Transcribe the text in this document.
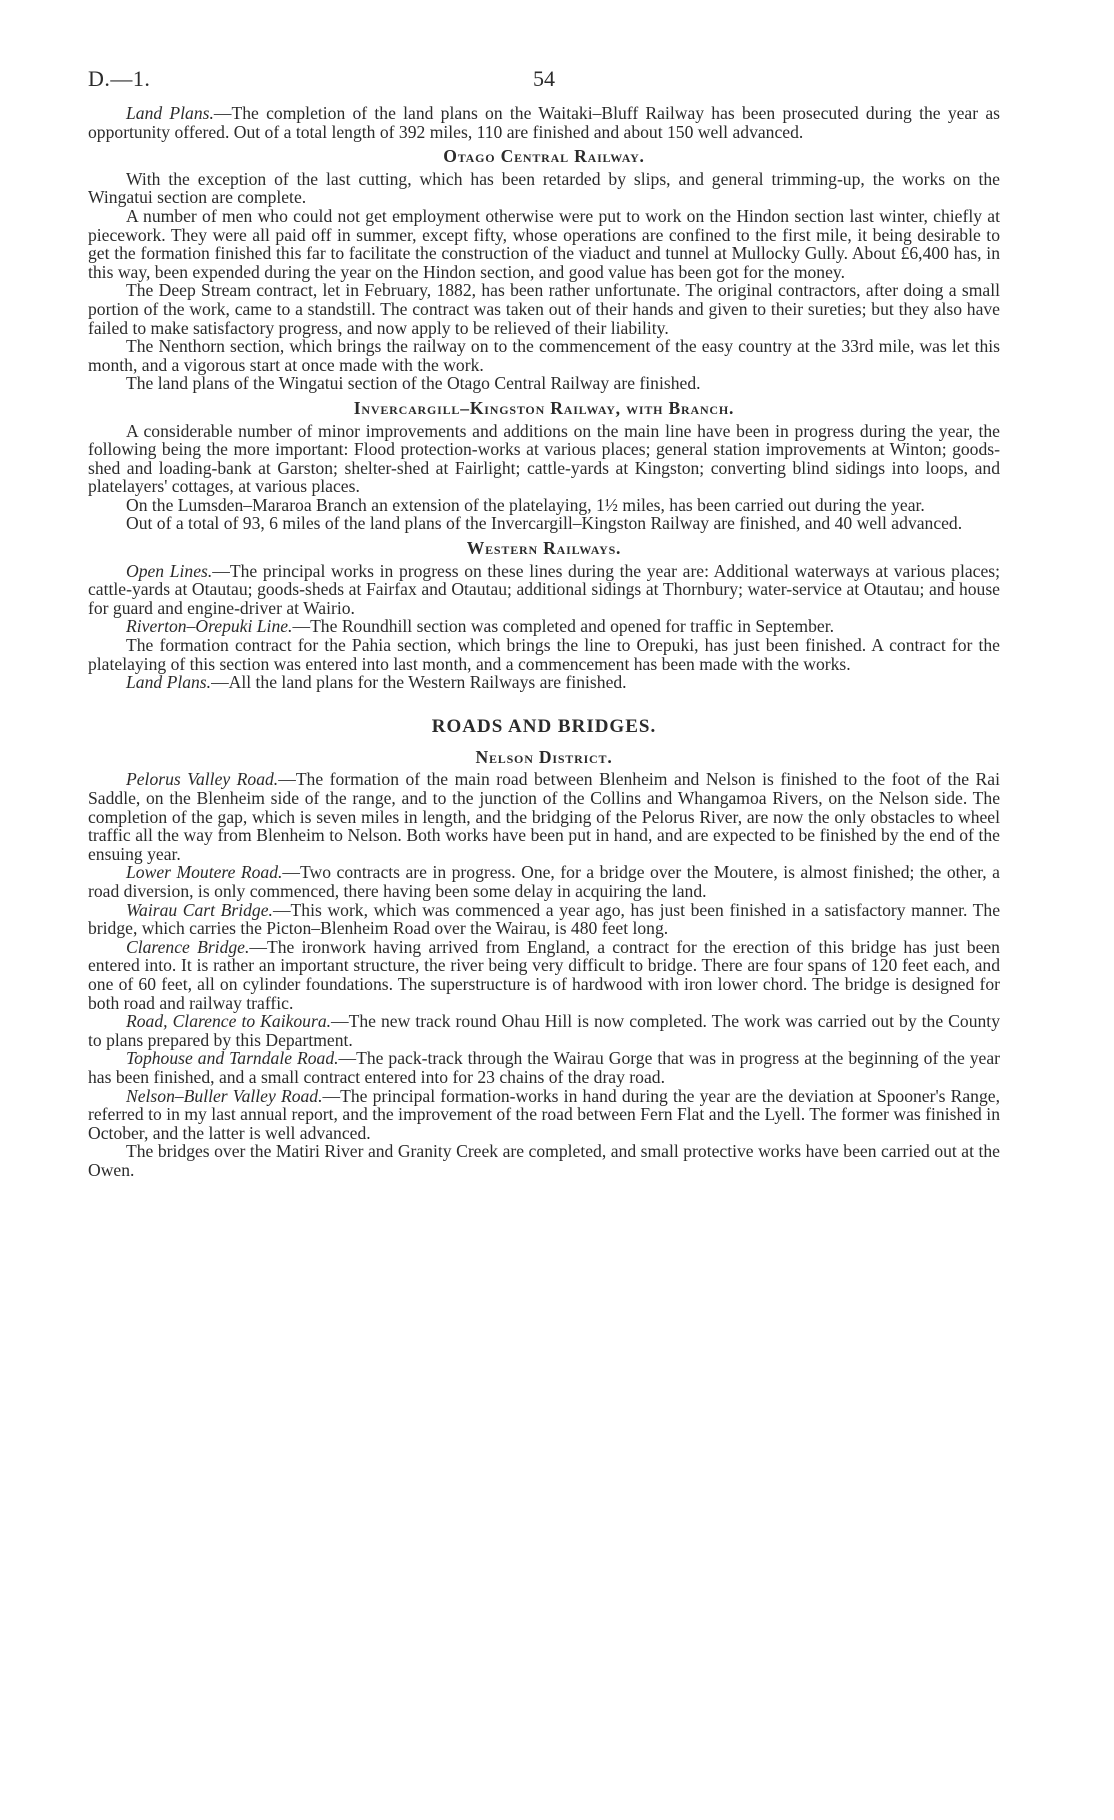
D.—1.	54

Land Plans.—The completion of the land plans on the Waitaki–Bluff Railway has been prosecuted during the year as opportunity offered. Out of a total length of 392 miles, 110 are finished and about 150 well advanced.

Otago Central Railway.

With the exception of the last cutting, which has been retarded by slips, and general trimming-up, the works on the Wingatui section are complete.

A number of men who could not get employment otherwise were put to work on the Hindon section last winter, chiefly at piecework. They were all paid off in summer, except fifty, whose operations are confined to the first mile, it being desirable to get the formation finished this far to facilitate the construction of the viaduct and tunnel at Mullocky Gully. About £6,400 has, in this way, been expended during the year on the Hindon section, and good value has been got for the money.

The Deep Stream contract, let in February, 1882, has been rather unfortunate. The original contractors, after doing a small portion of the work, came to a standstill. The contract was taken out of their hands and given to their sureties; but they also have failed to make satisfactory progress, and now apply to be relieved of their liability.

The Nenthorn section, which brings the railway on to the commencement of the easy country at the 33rd mile, was let this month, and a vigorous start at once made with the work.

The land plans of the Wingatui section of the Otago Central Railway are finished.

Invercargill–Kingston Railway, with Branch.

A considerable number of minor improvements and additions on the main line have been in progress during the year, the following being the more important: Flood protection-works at various places; general station improvements at Winton; goods-shed and loading-bank at Garston; shelter-shed at Fairlight; cattle-yards at Kingston; converting blind sidings into loops, and platelayers' cottages, at various places.

On the Lumsden–Mararoa Branch an extension of the platelaying, 1½ miles, has been carried out during the year.

Out of a total of 93, 6 miles of the land plans of the Invercargill–Kingston Railway are finished, and 40 well advanced.

Western Railways.

Open Lines.—The principal works in progress on these lines during the year are: Additional waterways at various places; cattle-yards at Otautau; goods-sheds at Fairfax and Otautau; additional sidings at Thornbury; water-service at Otautau; and house for guard and engine-driver at Wairio.

Riverton–Orepuki Line.—The Roundhill section was completed and opened for traffic in September.

The formation contract for the Pahia section, which brings the line to Orepuki, has just been finished. A contract for the platelaying of this section was entered into last month, and a commencement has been made with the works.

Land Plans.—All the land plans for the Western Railways are finished.

ROADS AND BRIDGES.
Nelson District.

Pelorus Valley Road.—The formation of the main road between Blenheim and Nelson is finished to the foot of the Rai Saddle, on the Blenheim side of the range, and to the junction of the Collins and Whangamoa Rivers, on the Nelson side. The completion of the gap, which is seven miles in length, and the bridging of the Pelorus River, are now the only obstacles to wheel traffic all the way from Blenheim to Nelson. Both works have been put in hand, and are expected to be finished by the end of the ensuing year.

Lower Moutere Road.—Two contracts are in progress. One, for a bridge over the Moutere, is almost finished; the other, a road diversion, is only commenced, there having been some delay in acquiring the land.

Wairau Cart Bridge.—This work, which was commenced a year ago, has just been finished in a satisfactory manner. The bridge, which carries the Picton–Blenheim Road over the Wairau, is 480 feet long.

Clarence Bridge.—The ironwork having arrived from England, a contract for the erection of this bridge has just been entered into. It is rather an important structure, the river being very difficult to bridge. There are four spans of 120 feet each, and one of 60 feet, all on cylinder foundations. The superstructure is of hardwood with iron lower chord. The bridge is designed for both road and railway traffic.

Road, Clarence to Kaikoura.—The new track round Ohau Hill is now completed. The work was carried out by the County to plans prepared by this Department.

Tophouse and Tarndale Road.—The pack-track through the Wairau Gorge that was in progress at the beginning of the year has been finished, and a small contract entered into for 23 chains of the dray road.

Nelson–Buller Valley Road.—The principal formation-works in hand during the year are the deviation at Spooner's Range, referred to in my last annual report, and the improvement of the road between Fern Flat and the Lyell. The former was finished in October, and the latter is well advanced.

The bridges over the Matiri River and Granity Creek are completed, and small protective works have been carried out at the Owen.
